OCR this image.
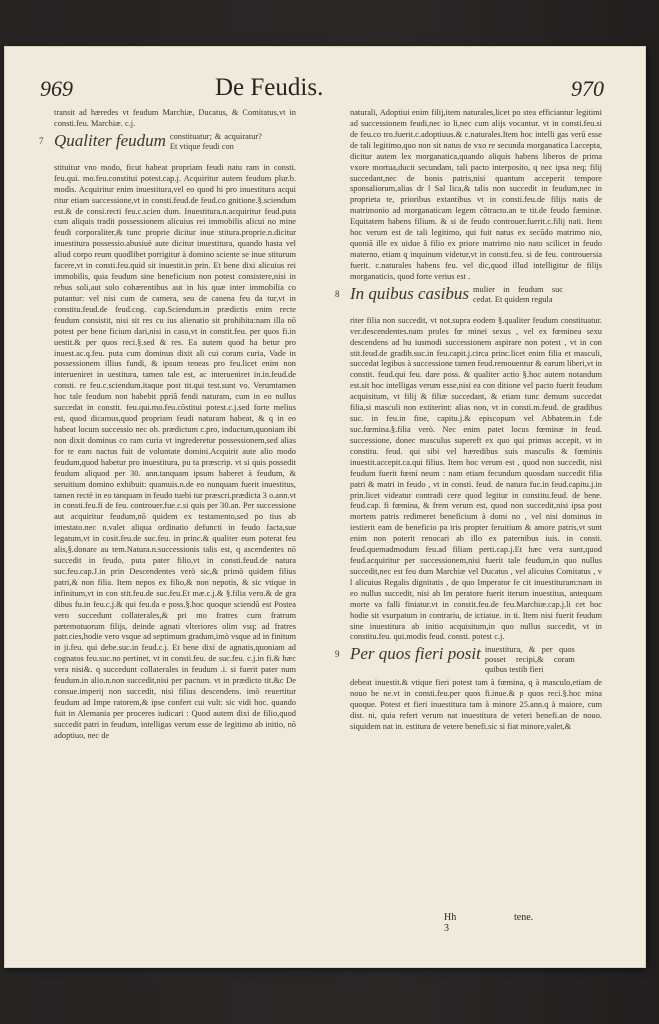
969	De Feudis.	970

transit ad hæredes vt feudum Marchiæ, Ducatus, & Comitatus,vt in consti.feu. Marchiæ. c.j.

7 Qualiter feudum constituatur; & acquiratur? Et vtique feudi con

stituitur vno modo, ficut habeat propriam feudi natu ram in consti. feu.qui. mo.feu.constitui potest.cap.j. Acquiritur autem feudum plur.b. modis. Acquiritur enim inuestitura,vel eo quod hi pro inuestitura acqui ritur etiam successione,vt in consti.feud.de feud.co gnitione.§.sciendum est.& de consi.recti feu.c.scien dum. Inuestitura.n.acquiritur feud.puta cum aliquis tradit possessionem alicuius rei immobilis alicui no mine feudi corporaliter,& tunc proprie dicitur inue stitura.proprie.n.dicitur inuestitura possessio.abusiuè aute dicitur inuestitura, quando hasta vel aliud corpo reum quodlibet porrigitur à domino sciente se inue stiturum facere,vt in consti.feu.quid sit inuestit.in prin. Et bene dixi alicuius rei immobilis, quia feudum sine beneficium non potest consistere,nisi in rebus soli,aut solo cohærentibus aut in his quæ inter immobilia co putantur: vel nisi cum de camera, seu de canena feu da tur,vt in constitu.feud.de feud.cog. cap.Sciendum.in prædictis enim recte feudum consistit, nisi sit res cu ius alienatio sit prohibita:nam illa nō potest per bene ficium dari,nisi in casu,vt in constit.feu. per quos fi.in uestit.& per quos reci.§.sed & res. Ea autem quod ha betur pro inuest.ac.q.feu. puta cum dominus dixit ali cui coram curia, Vade in possessionem illius fundi, & ipsum teneas pro feu.licet enim non interueniret in uestitura, tamen tale est, ac interueniret in.in.feud.de consti. re feu.c.sciendum.itaque post tit.qui test.sunt vo. Verumtamen hoc tale feudum non habebit ppriâ fendi naturam, cum in eo nullus succedat in constit. feu.qui.mo.feu.cōstitui potest.c.j.sed forte melius est, quod dicamus,quod propriam feudi naturam habeat, & q in eo habeat locum successio nec ob. prædictum c.pro, inductum,quoniam ibi non dixit dominus co ram curia vt ingrederetur possessionem,sed alias for te eam nactus fuit de voluntate domini.Acquirit aute alio modo feudum,quod habetur pro inuestitura, pu ta præscrip. vt si quis possedit feudum aliquod per 30. ann.tanquam ipsum haberet à feudum, & seruitium domino exhibuit: quamuis.n.de eo nunquam fuerit inuestitus, tamen rectè in eo tanquam in feudo tuebi tur præscri.prædicta 3 o.ann.vt in consti.feu.fi de feu. controuer.fue.c.si quis per 30.an. Per successione aut acquiritur feudum,nō quidem ex testamento,sed po tius ab intestato.nec n.valet aliqua ordinatio defuncti in feudo facta,sue legatum,vt in cosit.feu.de suc.feu. in princ.& qualiter eum poterat feu alis,§.donare au tem.Natura.n.successionis talis est, q ascendentes nō succedit in feudo, puta pater filio,vt in consti.feud.de natura suc.feu.cap.J.in prin Descendentes verò sic,& primò quidem filius patri,& non filia. Item nepos ex filio,& non nepotis, & sic vtique in infinitum,vt in con stit.feu.de suc.feu.Et mæ.c.j.& §.filia vero.& de gra dibus fu.in feu.c.j.& qui feu.da e poss.§.hoc quoque sciendū est Postea vero succedunt collaterales,& pri mo fratres cum fratrum pætemotuorum filijs, deinde agnati vlteriores olim vsq; ad fratres patr.cies,hodie vero vsque ad septimum gradum,imò vsque ad in finitum in ji.feu. qui debe.suc.in feud.c.j. Et bene dixi de agnatis,quoniam ad cognatos feu.suc.no pertinet, vt in consti.feu. de suc.feu. c.j.in fi.& hæc vera nisi&. q succedunt collaterales in feudum .i. si fuerit pater num feudum.in alio.n.non succedit,nisi per pactum. vt in prædicto tit.&c De consue.imperij non succedit, nisi filius descendens. imò reuertitur feudum ad Impe ratorem,& ipse confert cui vult: sic vidi hoc. quando fuit in Alemania per proceres iudicari : Quod autem dixi de filio,quod succedit patri in feudum, intelligas verum esse de legitimo ab initio, nō adoptiuo, nec de

naturali, Adoptiui enim filij,item naturales,licet po stea efficiantur legitimi ad successionem feudi,nec io li,nec cum alijs vocantur. vt in consti.feu.si de feu.co tro.fuerit.c.adoptiuus.& c.naturales.Item hoc intelli gas verū esse de tali legitimo,quo non sit natus de vxo re secunda morganatica l.accepta, dicitur autem lex morganatica,quando aliquis habens liberos de prima vxore mortua,ducit secundam, tali pacto interposito, q nec ipsa neq; filij succedant,nec de bonis patris,nisi quantum acceperit tempore sponsaliorum,alias dr l Sal lica,& talis non succedit in feudum,nec in proprieta te, prioribus extantibus vt in consti.feu.de filijs natis de matrimonio ad morganaticam legem cōtracto.an te tit.de feudo fæminæ. Equitatem habens filium. & si de feudo controuer.fuerit.c.filij nati. Item hoc verum est de tali legitimo, qui fuit natus ex secūdo matrimo nio, quoniā ille ex uidue â filio ex priore matrimo nio nato scilicet in feudo materno, etiam q inquinum videtur,vt in consti.feu. si de feu. controuersia fuerit. c.naturales habens feu. vel dic,quod illud intelligitur de filijs morganaticis, quod forte verius est .

8 In quibus casibus mulier in feudum suc cedat. Et quidem regula

riter filia non succedit, vt not.supra eodem §.qualiter feudum constituatur. ver.descendentes.nam proles fœ minei sexus , vel ex fœminea sexu descendens ad hu iusmodi successionem aspirare non potest , vt in con stit.feud.de gradib.suc.in feu.capit.j.circa princ.licet enim filia et masculi, succedat legibus à successione tamen feud.remouentur & earum liberi,vt in constit. feud.qui feu. dare poss. & qualiter actio §.hoc autem notandum est.sit hoc intelligas verum esse,nisi ea con ditione vel pacto fuerit feudum acquisitum, vt filij & filiæ succedant, & etiam tunc demum succedat filia,si masculi non extiterint: alias non, vt in consti.m.feud. de gradibus suc. in feu.in fine, capitu.j.& episcopum vel Abbatem.in f.de suc.fœmina.§.filia verò. Nec enim patet locus fœminæ in feud. successione, donec masculus supereft ex quo qui primus accepit, vt in constitu. feud. qui sibi vel hæredibus suis masculis & fœminis inuestit.accepit.ca.qui filius. Item hoc verum est , quod non succedit, nisi feudum fuerit fœmi neum : nam etiam fecundum quosdam succedit filia patri & matri in feudo , vt in consti. feud. de natura fuc.in feud.capitu.j.in prin.licet videatur contradi cere quod legitur in constitu.feud. de bene. feud.cap. fi fœmina, & frem verum est, quod non succedit,nisi ipsa post mortem patris redimeret beneficium à domi no , vel nisi dominus in iestierit eam de beneficio pa tris propter feruitium & amore patris,vt sunt enim non poterit renocari ab illo ex paternibus iuis. in consti. feud.quemadmodum feu.ad filiam perti.cap.j.Et hæc vera sunt,quod feud.acquiritur per successionem,nisi fuerit tale feudum,in quo nullus succedit,nec est feu dum Marchiæ vel Ducatus , vel alicuius Comitatus , v l alicuius Regalis dignitatis , de quo Imperator fe cit inuestituram:nam in eo nullus succedit, nisi ab Im peratore fuerit iterum inuestitus, antequam morte va falli finiatur.vt in constit.feu.de feu.Marchiæ.cap.j.li cet hoc hodie sit vsurpatum in contrariu, de ictiatue. in ti. Item nisi fuerit feudum sine inuestitura ab initio acquisitum,in quo nullus succedit, vt in constitu.feu. qui.modis feud. consti. potest c.j.

9 Per quos fieri posit inuestitura, & per quos posset recipi,& coram quibus testib fieri

debeat inuestit.& vtique fieri potest tam à fœmina, q à masculo,etiam de nouo be ne.vt in consti.feu.per quos fi.inue.& p quos reci.§.hoc mina quoque. Potest et fieri inuestitura tam à minore 25.ann.q à maiore, cum dist. ni, quia refert verum nat inuestitura de veteri benefi.an de nouo. siquidem nat in. estitura de vetere benefi.sic si fiat minore,valet,&

Hh 3
tene.
